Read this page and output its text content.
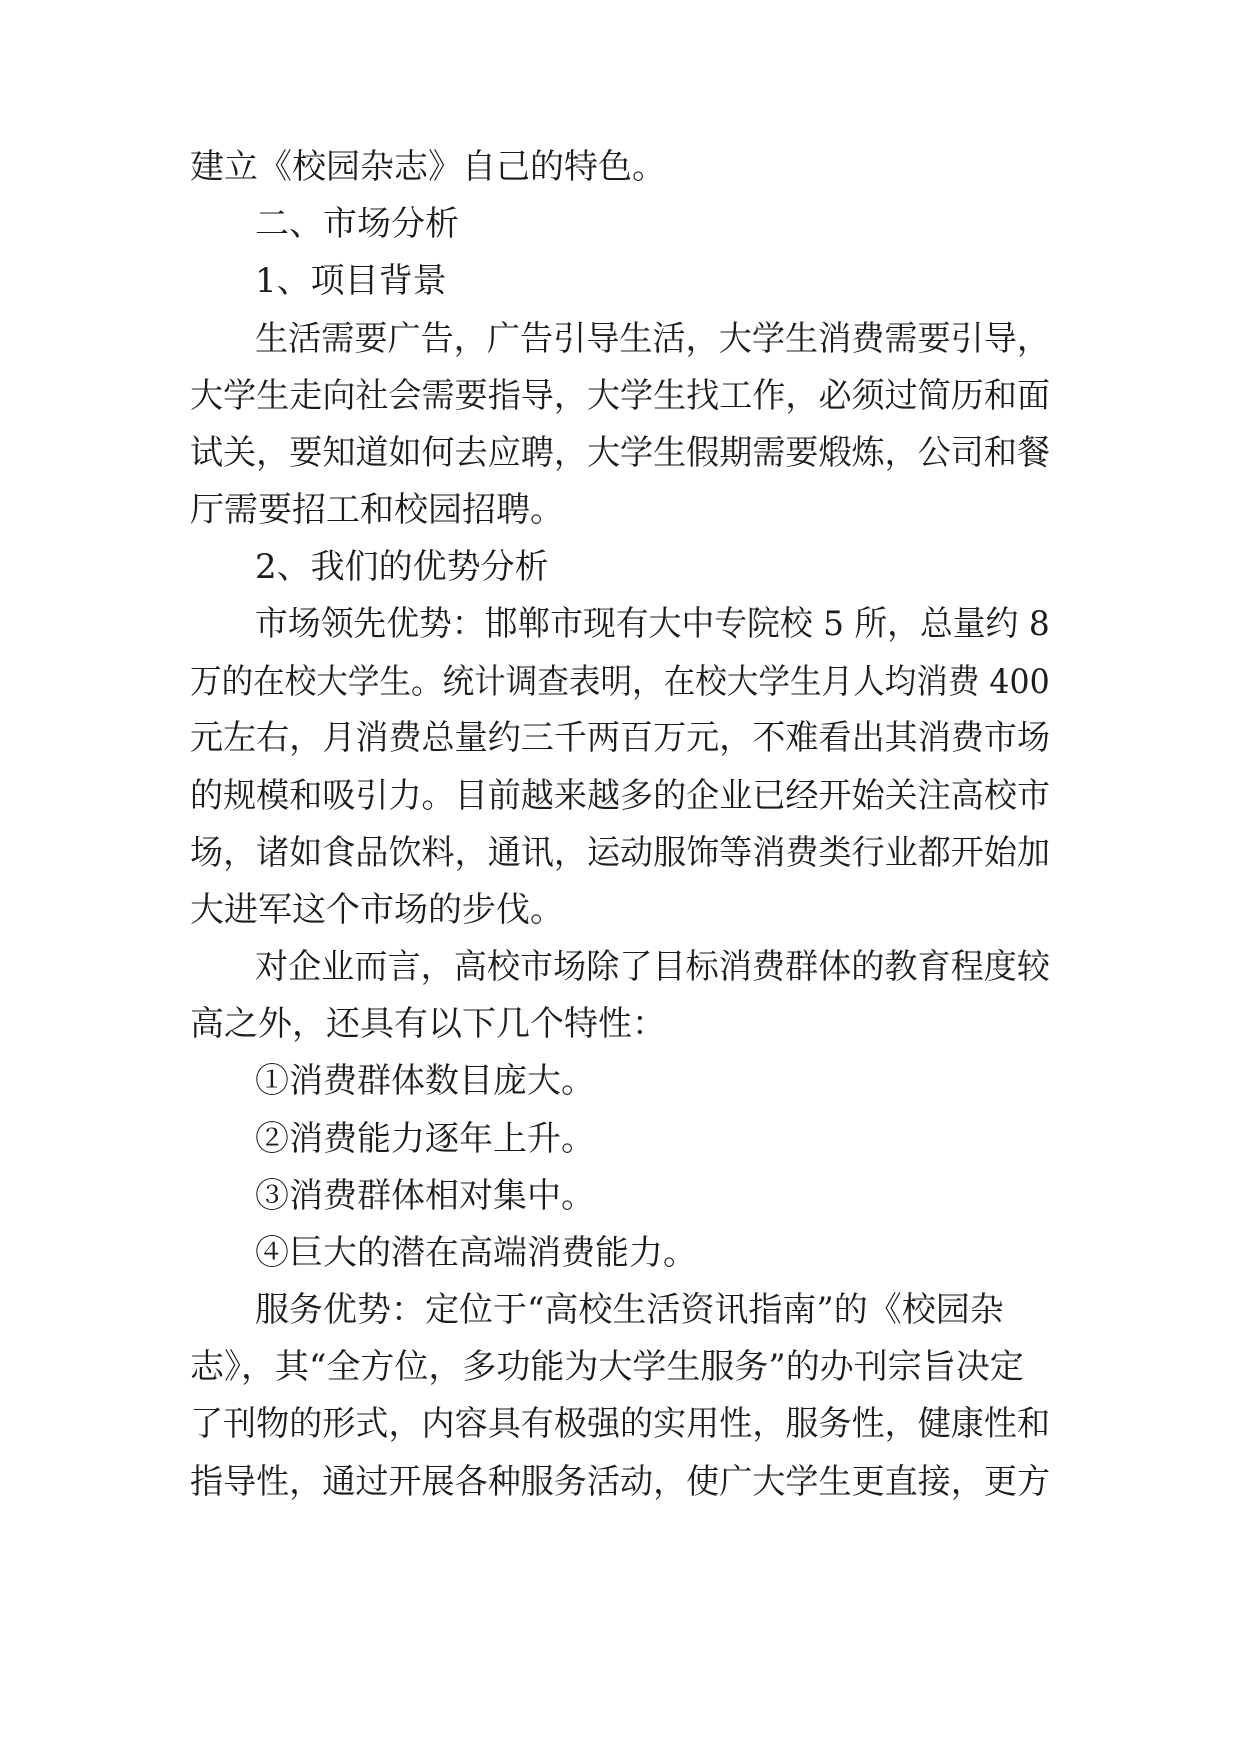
建立《校园杂志》自己的特色。

二、市场分析

1、项目背景

生活需要广告，广告引导生活，大学生消费需要引导，

大学生走向社会需要指导，大学生找工作，必须过简历和面

试关，要知道如何去应聘，大学生假期需要煅炼，公司和餐

厅需要招工和校园招聘。

2、我们的优势分析

市场领先优势：邯郸市现有大中专院校 5 所，总量约 8

万的在校大学生。统计调查表明，在校大学生月人均消费 400

元左右，月消费总量约三千两百万元，不难看出其消费市场

的规模和吸引力。目前越来越多的企业已经开始关注高校市

场，诸如食品饮料，通讯，运动服饰等消费类行业都开始加

大进军这个市场的步伐。

对企业而言，高校市场除了目标消费群体的教育程度较

高之外，还具有以下几个特性：

①消费群体数目庞大。

②消费能力逐年上升。

③消费群体相对集中。

④巨大的潜在高端消费能力。

服务优势：定位于“高校生活资讯指南”的《校园杂

志》，其“全方位，多功能为大学生服务”的办刊宗旨决定

了刊物的形式，内容具有极强的实用性，服务性，健康性和

指导性，通过开展各种服务活动，使广大学生更直接，更方
